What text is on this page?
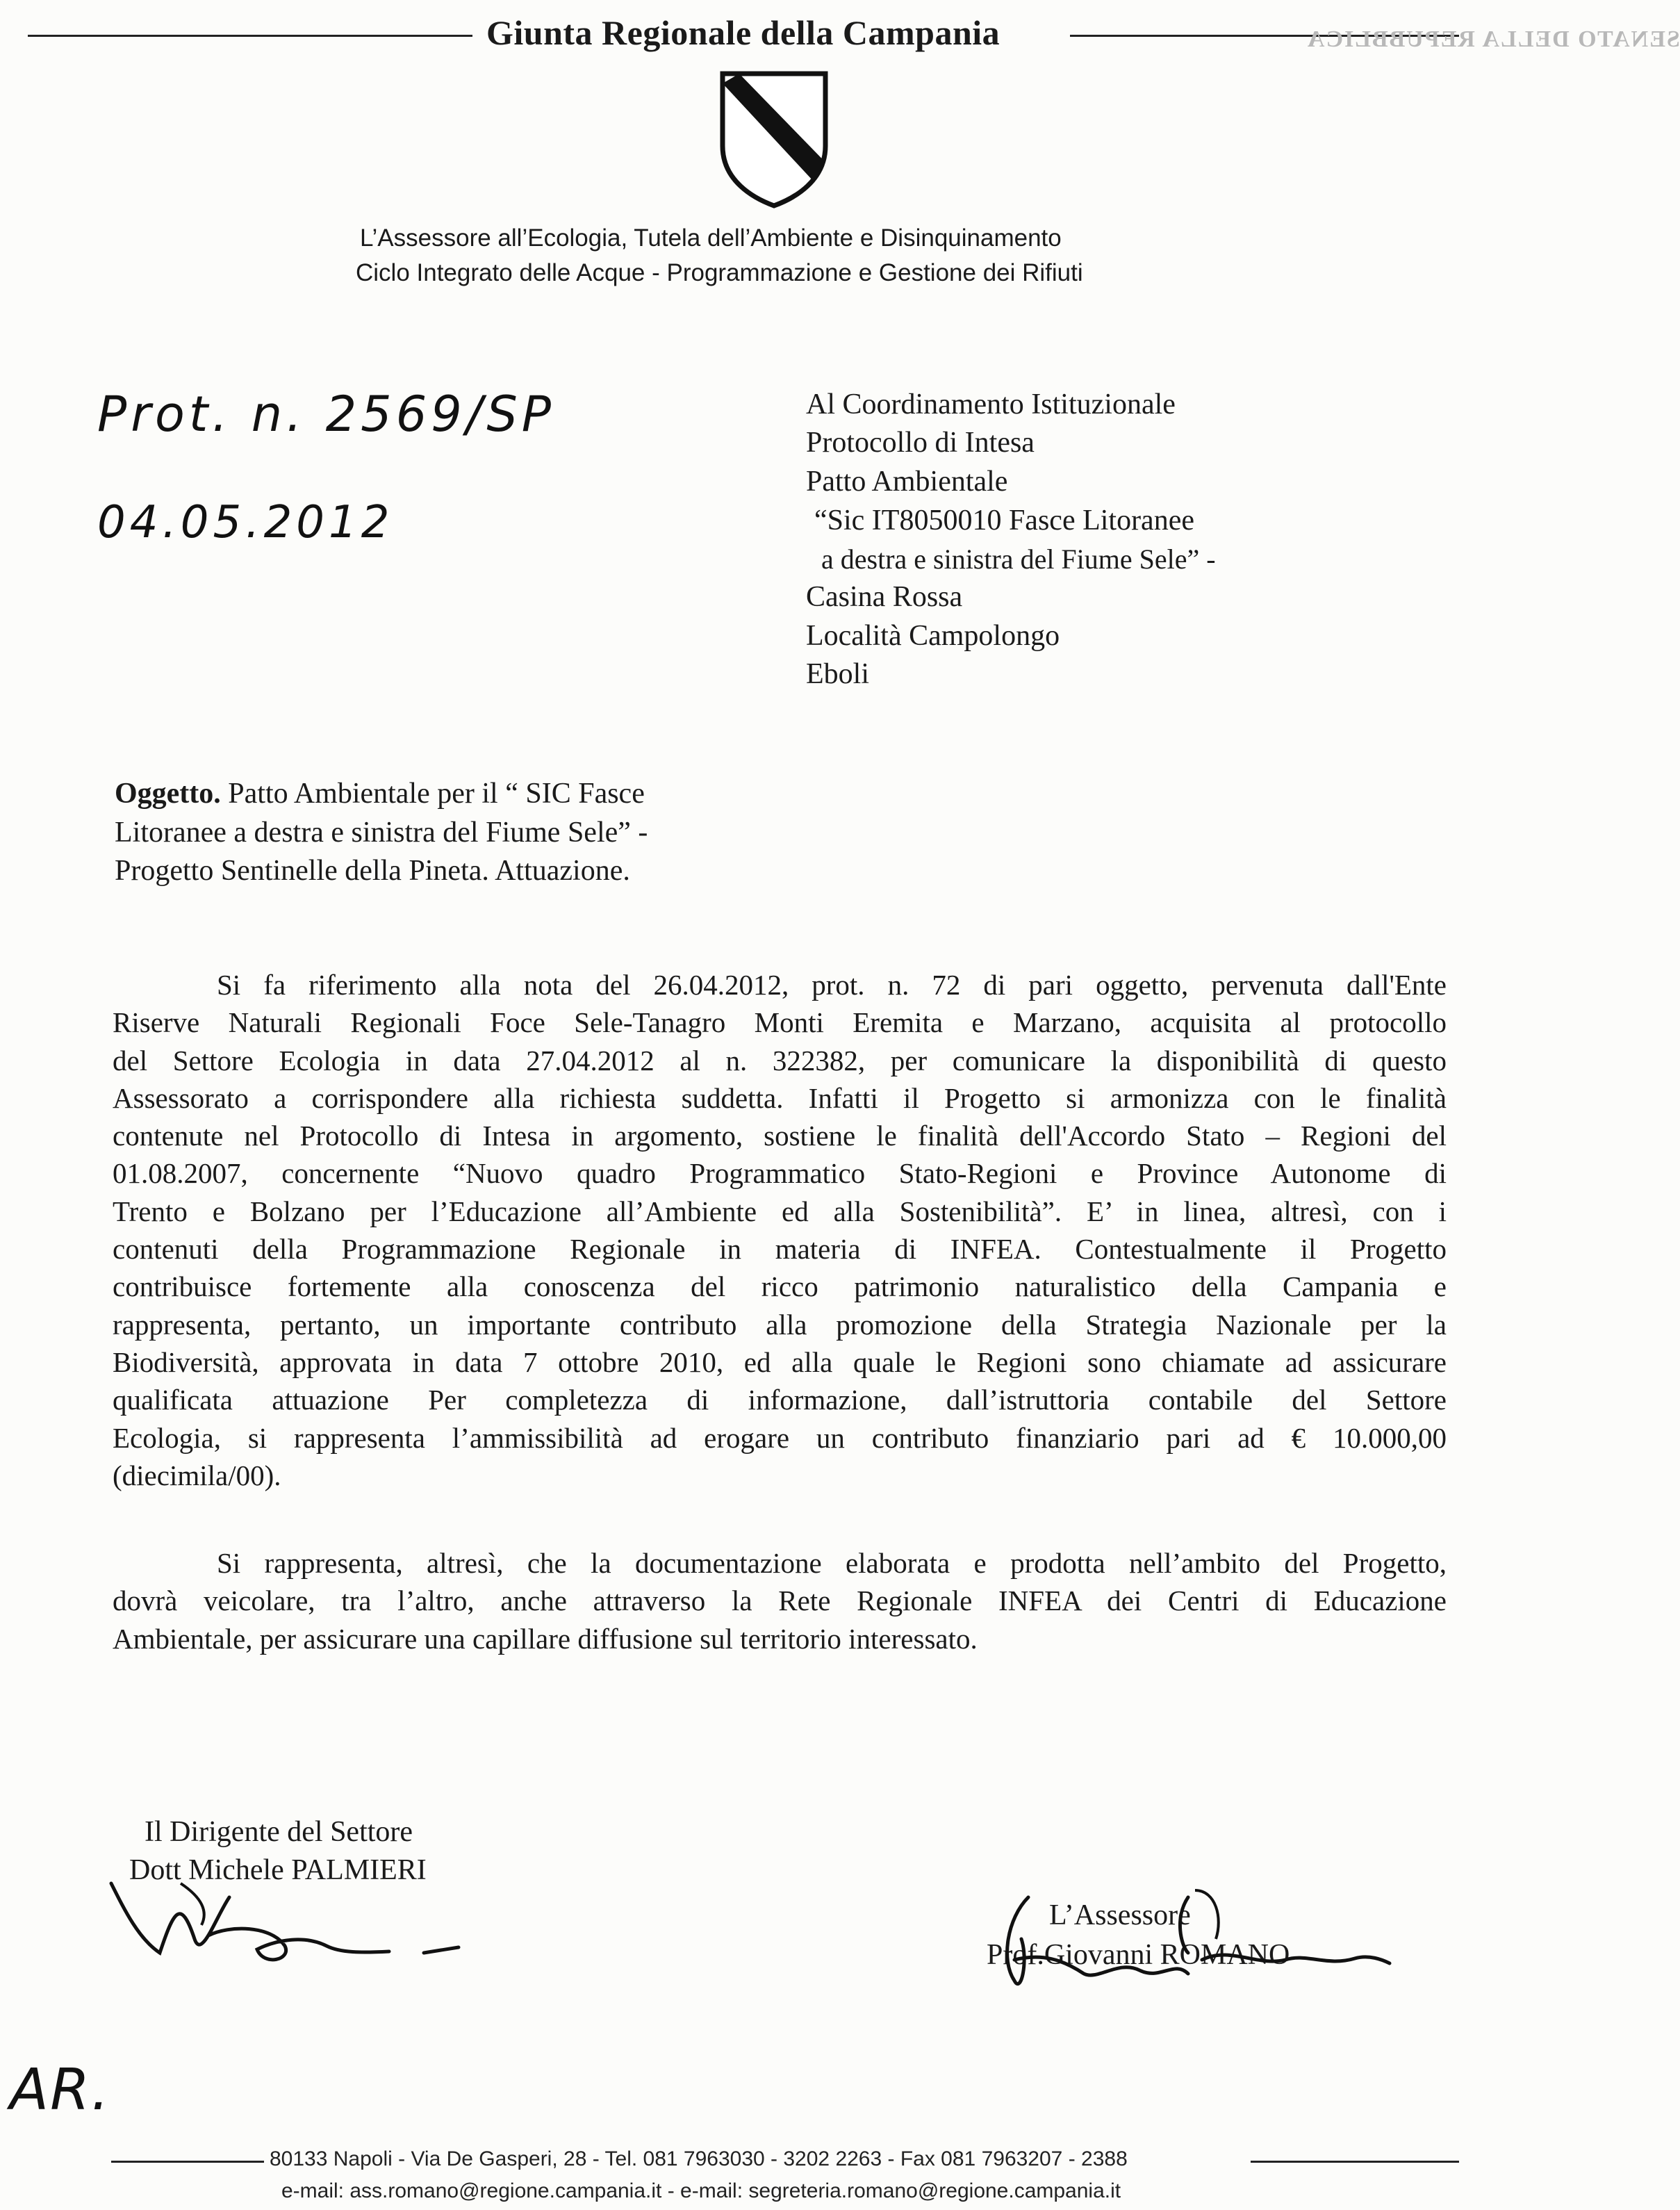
Giunta Regionale della Campania	SENATO DELLA REPUBBLICA
L’Assessore all’Ecologia, Tutela dell’Ambiente e Disinquinamento
Ciclo Integrato delle Acque - Programmazione e Gestione dei Rifiuti
Prot. n. 2569/SP
04.05.2012
Al Coordinamento Istituzionale
Protocollo di Intesa
Patto Ambientale
“Sic IT8050010 Fasce Litoranee
a destra e sinistra del Fiume Sele” -
Casina Rossa
Località Campolongo
Eboli
Oggetto. Patto Ambientale per il “ SIC Fasce
Litoranee a destra e sinistra del Fiume Sele” -
Progetto Sentinelle della Pineta. Attuazione.
Si fa riferimento alla nota del 26.04.2012, prot. n. 72 di pari oggetto, pervenuta dall'Ente
Riserve Naturali Regionali Foce Sele-Tanagro Monti Eremita e Marzano, acquisita al protocollo
del Settore Ecologia in data 27.04.2012 al n. 322382, per comunicare la disponibilità di questo
Assessorato a corrispondere alla richiesta suddetta. Infatti il Progetto si armonizza con le finalità
contenute nel Protocollo di Intesa in argomento, sostiene le finalità dell'Accordo Stato – Regioni del
01.08.2007, concernente “Nuovo quadro Programmatico Stato-Regioni e Province Autonome di
Trento e Bolzano per l’Educazione all’Ambiente ed alla Sostenibilità”. E’ in linea, altresì, con i
contenuti della Programmazione Regionale in materia di INFEA. Contestualmente il Progetto
contribuisce fortemente alla conoscenza del ricco patrimonio naturalistico della Campania e
rappresenta, pertanto, un importante contributo alla promozione della Strategia Nazionale per la
Biodiversità, approvata in data 7 ottobre 2010, ed alla quale le Regioni sono chiamate ad assicurare
qualificata attuazione Per completezza di informazione, dall’istruttoria contabile del Settore
Ecologia, si rappresenta l’ammissibilità ad erogare un contributo finanziario pari ad € 10.000,00
(diecimila/00).
Si rappresenta, altresì, che la documentazione elaborata e prodotta nell’ambito del Progetto,
dovrà veicolare, tra l’altro, anche attraverso la Rete Regionale INFEA dei Centri di Educazione
Ambientale, per assicurare una capillare diffusione sul territorio interessato.
Il Dirigente del Settore
Dott Michele PALMIERI
L’Assessore
Prof.Giovanni ROMANO
AR.
80133 Napoli - Via De Gasperi, 28 - Tel. 081 7963030 - 3202 2263 - Fax 081 7963207 - 2388
e-mail: ass.romano@regione.campania.it - e-mail: segreteria.romano@regione.campania.it
